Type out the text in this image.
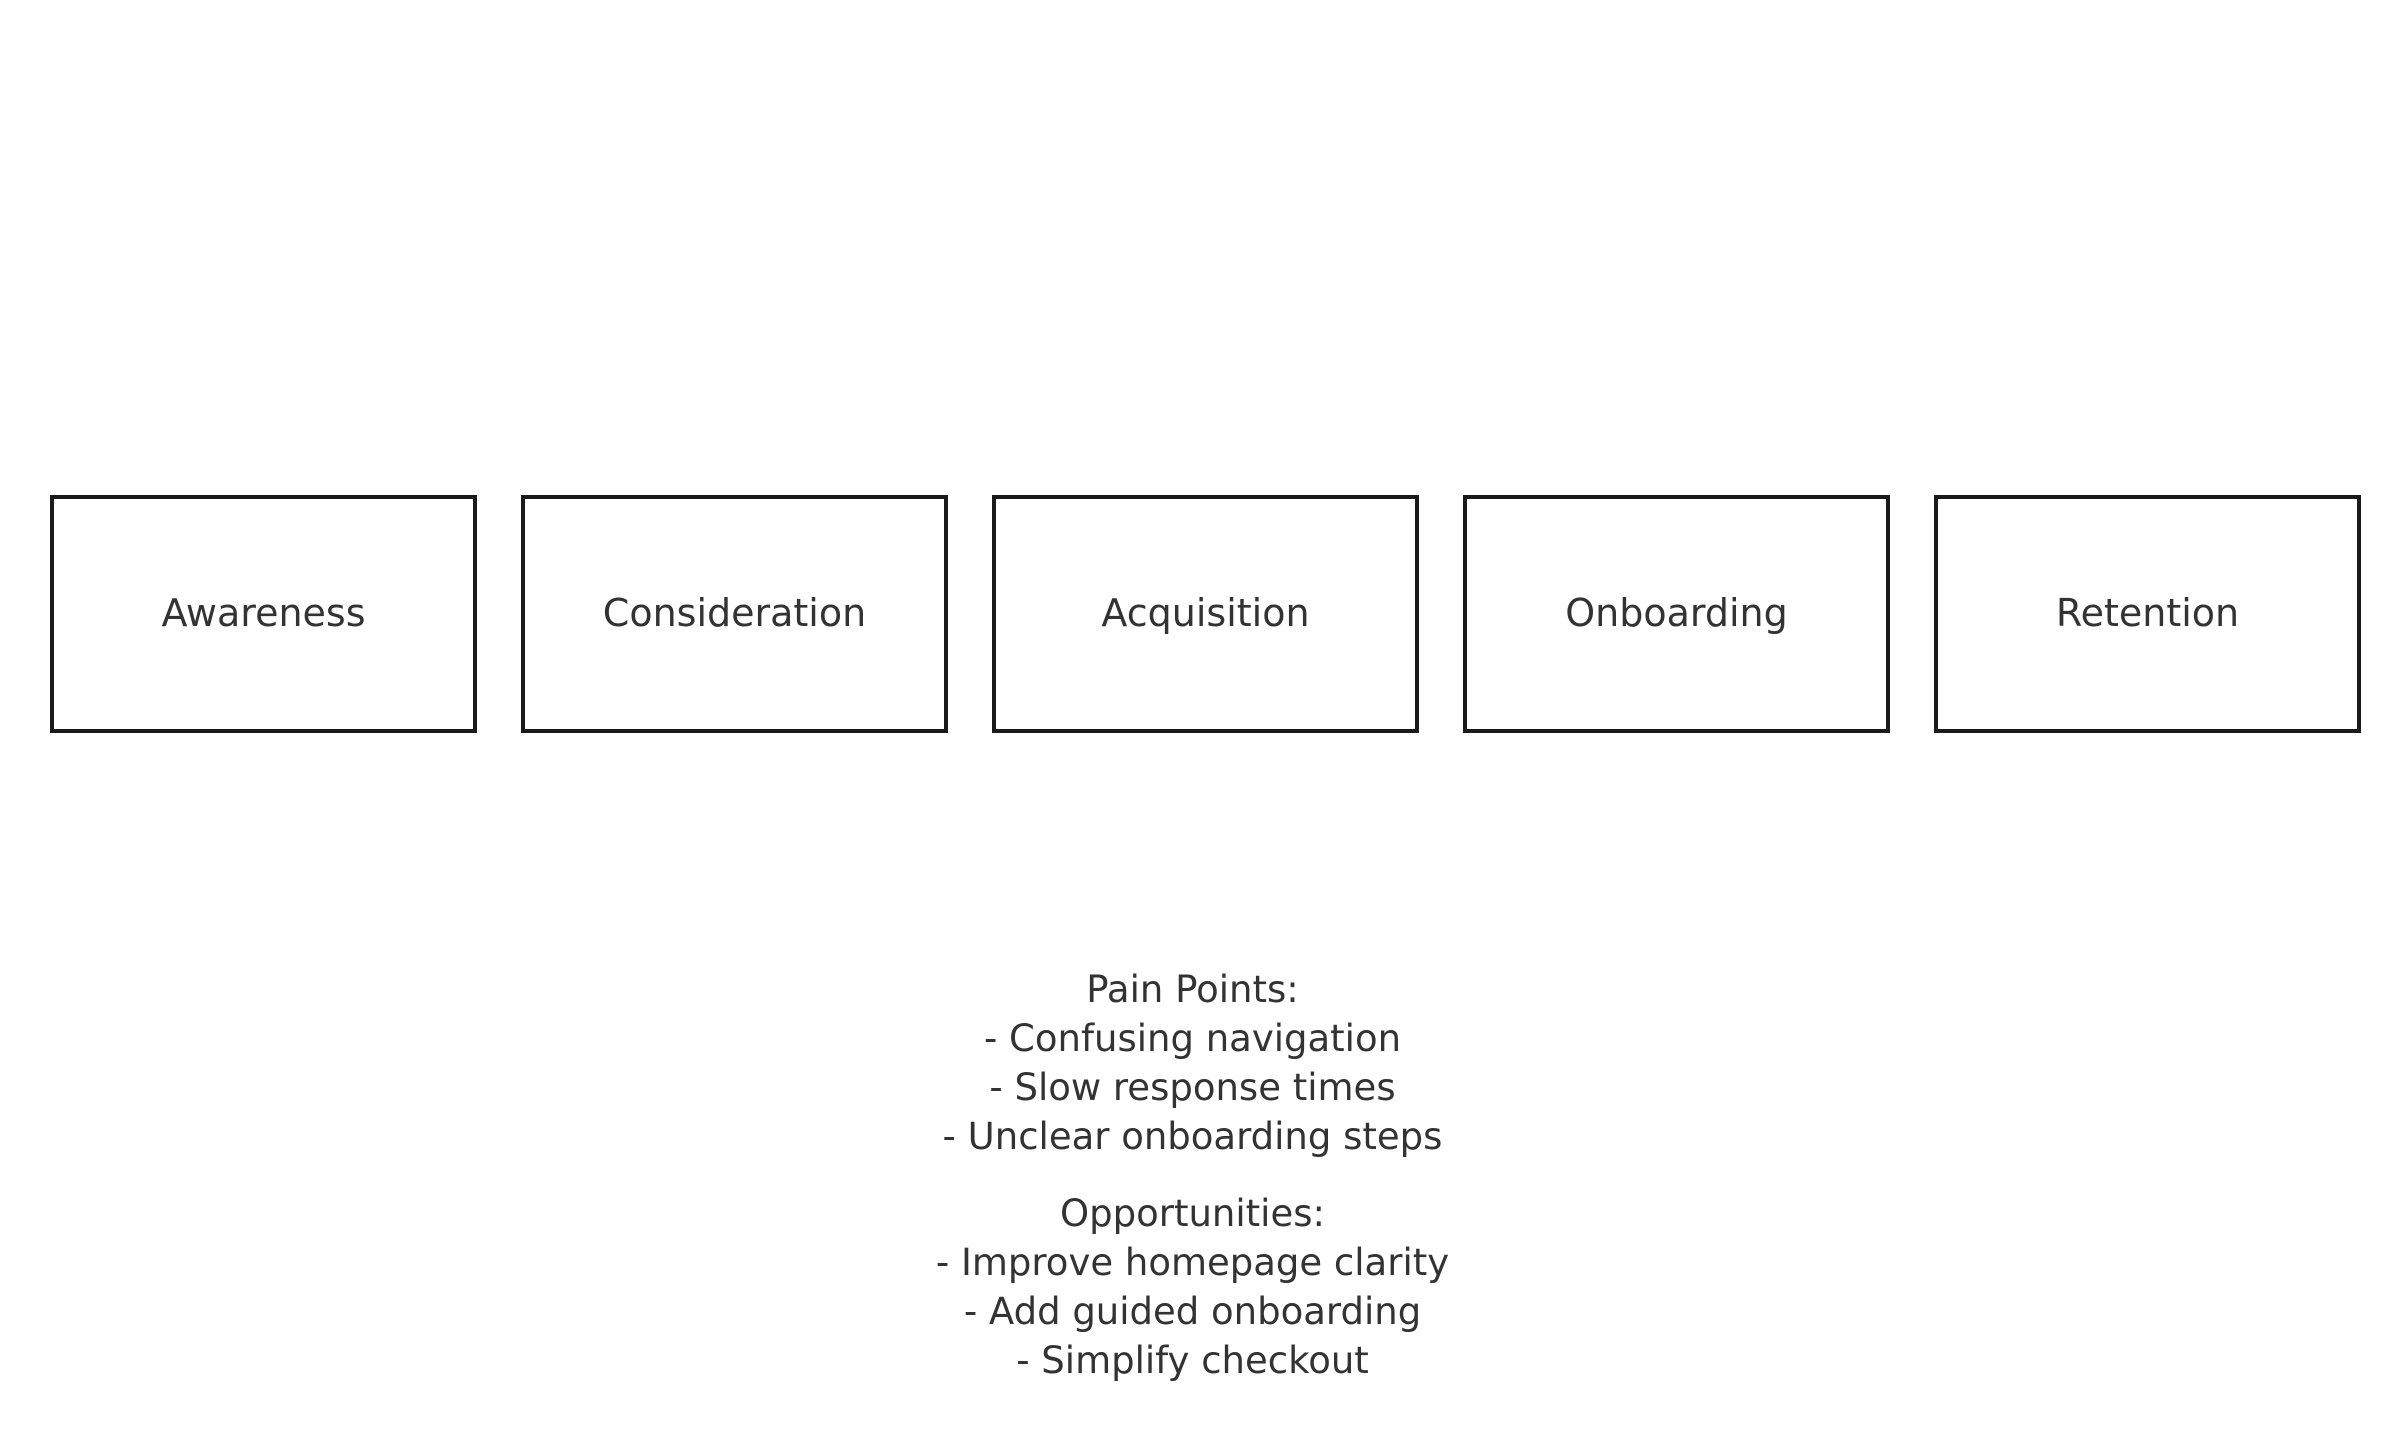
Awareness	Consideration	Acquisition	Onboarding	Retention
Pain Points:
- Confusing navigation
- Slow response times
- Unclear onboarding steps
Opportunities:
- Improve homepage clarity
- Add guided onboarding
- Simplify checkout
